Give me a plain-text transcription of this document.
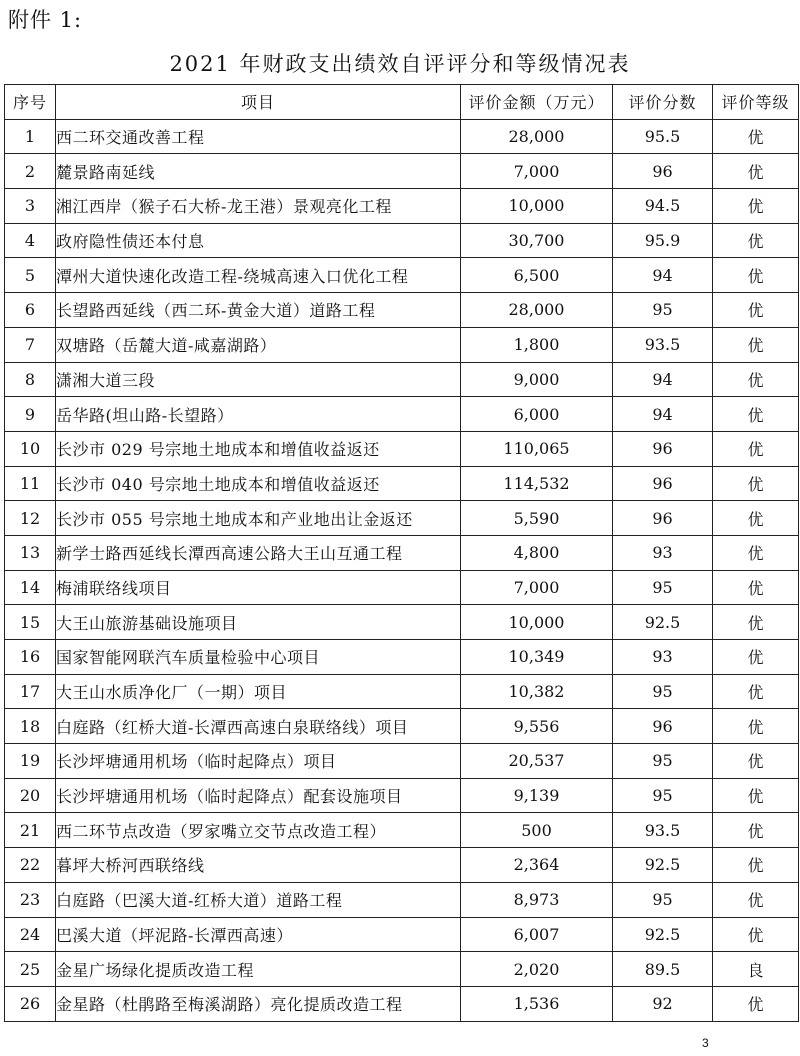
附件 1:
2021 年财政支出绩效自评评分和等级情况表
序号	项目	评价金额（万元）	评价分数	评价等级
1	西二环交通改善工程	28,000	95.5	优
2	麓景路南延线	7,000	96	优
3	湘江西岸（猴子石大桥-龙王港）景观亮化工程	10,000	94.5	优
4	政府隐性债还本付息	30,700	95.9	优
5	潭州大道快速化改造工程-绕城高速入口优化工程	6,500	94	优
6	长望路西延线（西二环-黄金大道）道路工程	28,000	95	优
7	双塘路（岳麓大道-咸嘉湖路）	1,800	93.5	优
8	潇湘大道三段	9,000	94	优
9	岳华路(坦山路-长望路）	6,000	94	优
10	长沙市 029 号宗地土地成本和增值收益返还	110,065	96	优
11	长沙市 040 号宗地土地成本和增值收益返还	114,532	96	优
12	长沙市 055 号宗地土地成本和产业地出让金返还	5,590	96	优
13	新学士路西延线长潭西高速公路大王山互通工程	4,800	93	优
14	梅浦联络线项目	7,000	95	优
15	大王山旅游基础设施项目	10,000	92.5	优
16	国家智能网联汽车质量检验中心项目	10,349	93	优
17	大王山水质净化厂（一期）项目	10,382	95	优
18	白庭路（红桥大道-长潭西高速白泉联络线）项目	9,556	96	优
19	长沙坪塘通用机场（临时起降点）项目	20,537	95	优
20	长沙坪塘通用机场（临时起降点）配套设施项目	9,139	95	优
21	西二环节点改造（罗家嘴立交节点改造工程）	500	93.5	优
22	暮坪大桥河西联络线	2,364	92.5	优
23	白庭路（巴溪大道-红桥大道）道路工程	8,973	95	优
24	巴溪大道（坪泥路-长潭西高速）	6,007	92.5	优
25	金星广场绿化提质改造工程	2,020	89.5	良
26	金星路（杜鹃路至梅溪湖路）亮化提质改造工程	1,536	92	优
3
